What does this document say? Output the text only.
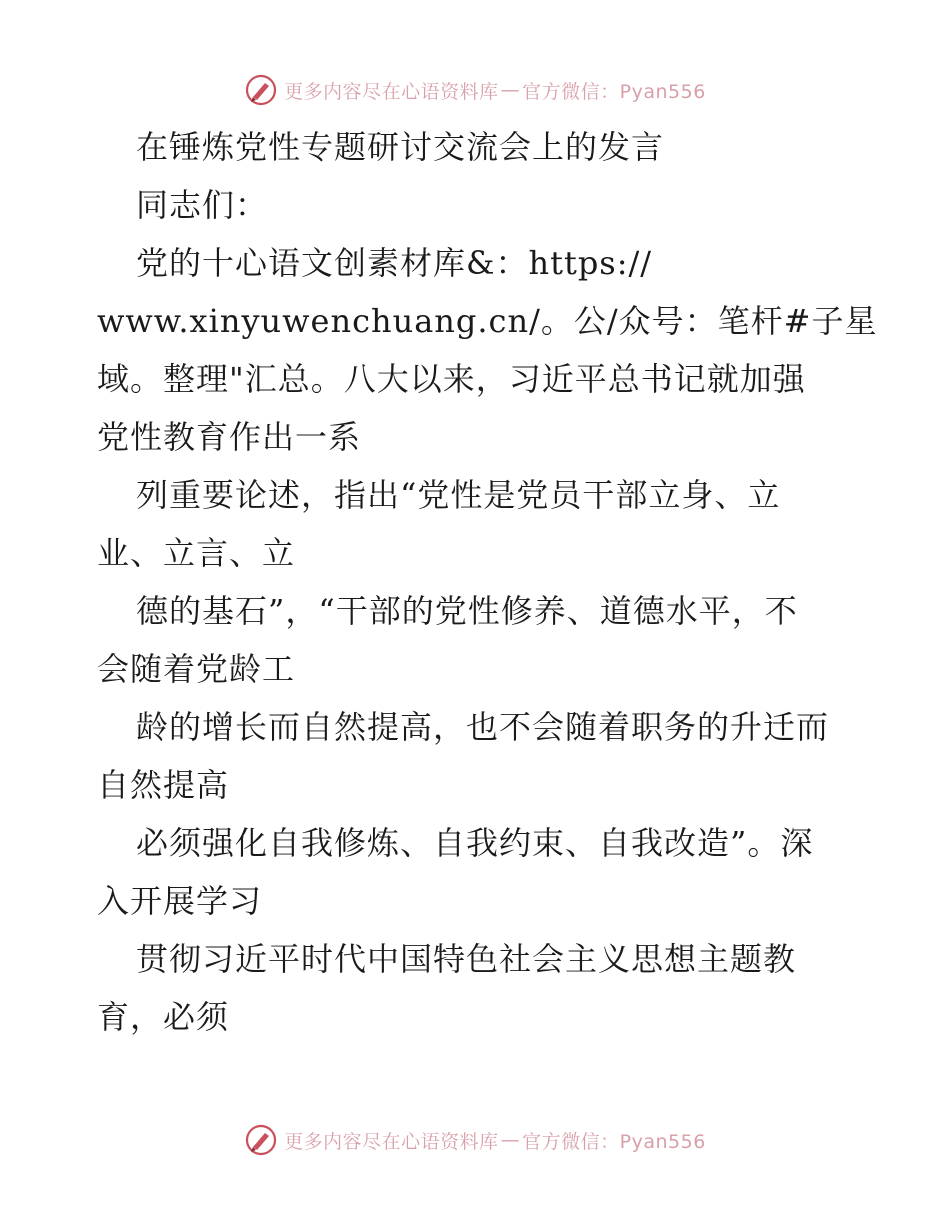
更多内容尽在心语资料库 — 官方微信：Pyan556
在锤炼党性专题研讨交流会上的发言
同志们：
党的十心语文创素材库&：https://
www.xinyuwenchuang.cn/。公/众号：笔杆#子星
域。整理"汇总。八大以来，习近平总书记就加强
党性教育作出一系
列重要论述，指出“党性是党员干部立身、立
业、立言、立
德的基石”，“干部的党性修养、道德水平，不
会随着党龄工
龄的增长而自然提高，也不会随着职务的升迁而
自然提高
必须强化自我修炼、自我约束、自我改造”。深
入开展学习
贯彻习近平时代中国特色社会主义思想主题教
育，必须
更多内容尽在心语资料库 — 官方微信：Pyan556
